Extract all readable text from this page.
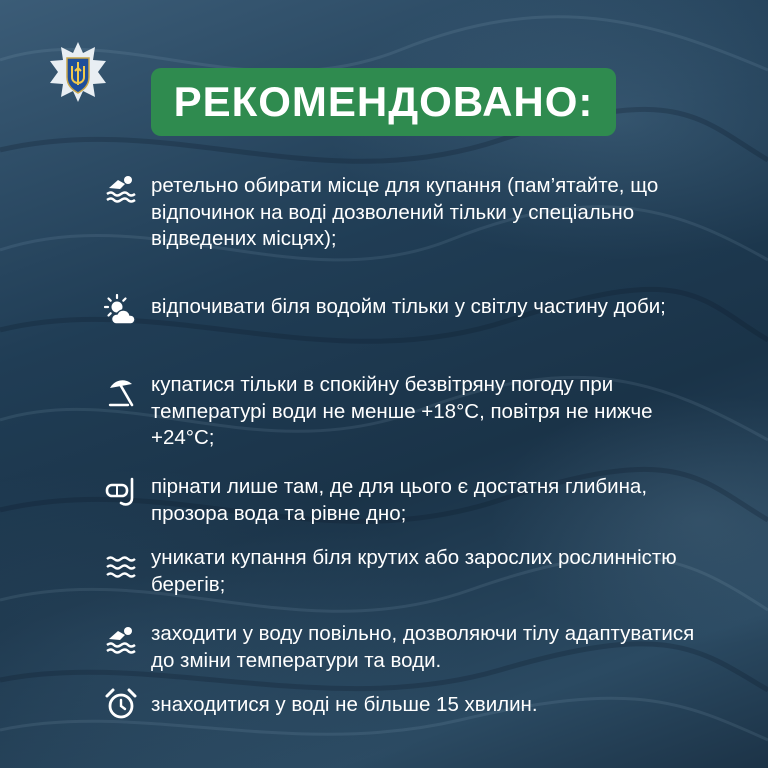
РЕКОМЕНДОВАНО:
ретельно обирати місце для купання (пам’ятайте, що відпочинок на воді дозволений тільки у спеціально відведених місцях);
відпочивати біля водойм тільки у світлу частину доби;
купатися тільки в спокійну безвітряну погоду при температурі води не менше +18°C, повітря не нижче +24°C;
пірнати лише там, де для цього є достатня глибина, прозора вода та рівне дно;
уникати купання біля крутих або зарослих рослинністю берегів;
заходити у воду повільно, дозволяючи тілу адаптуватися до зміни температури та води.
знаходитися у воді не більше 15 хвилин.
